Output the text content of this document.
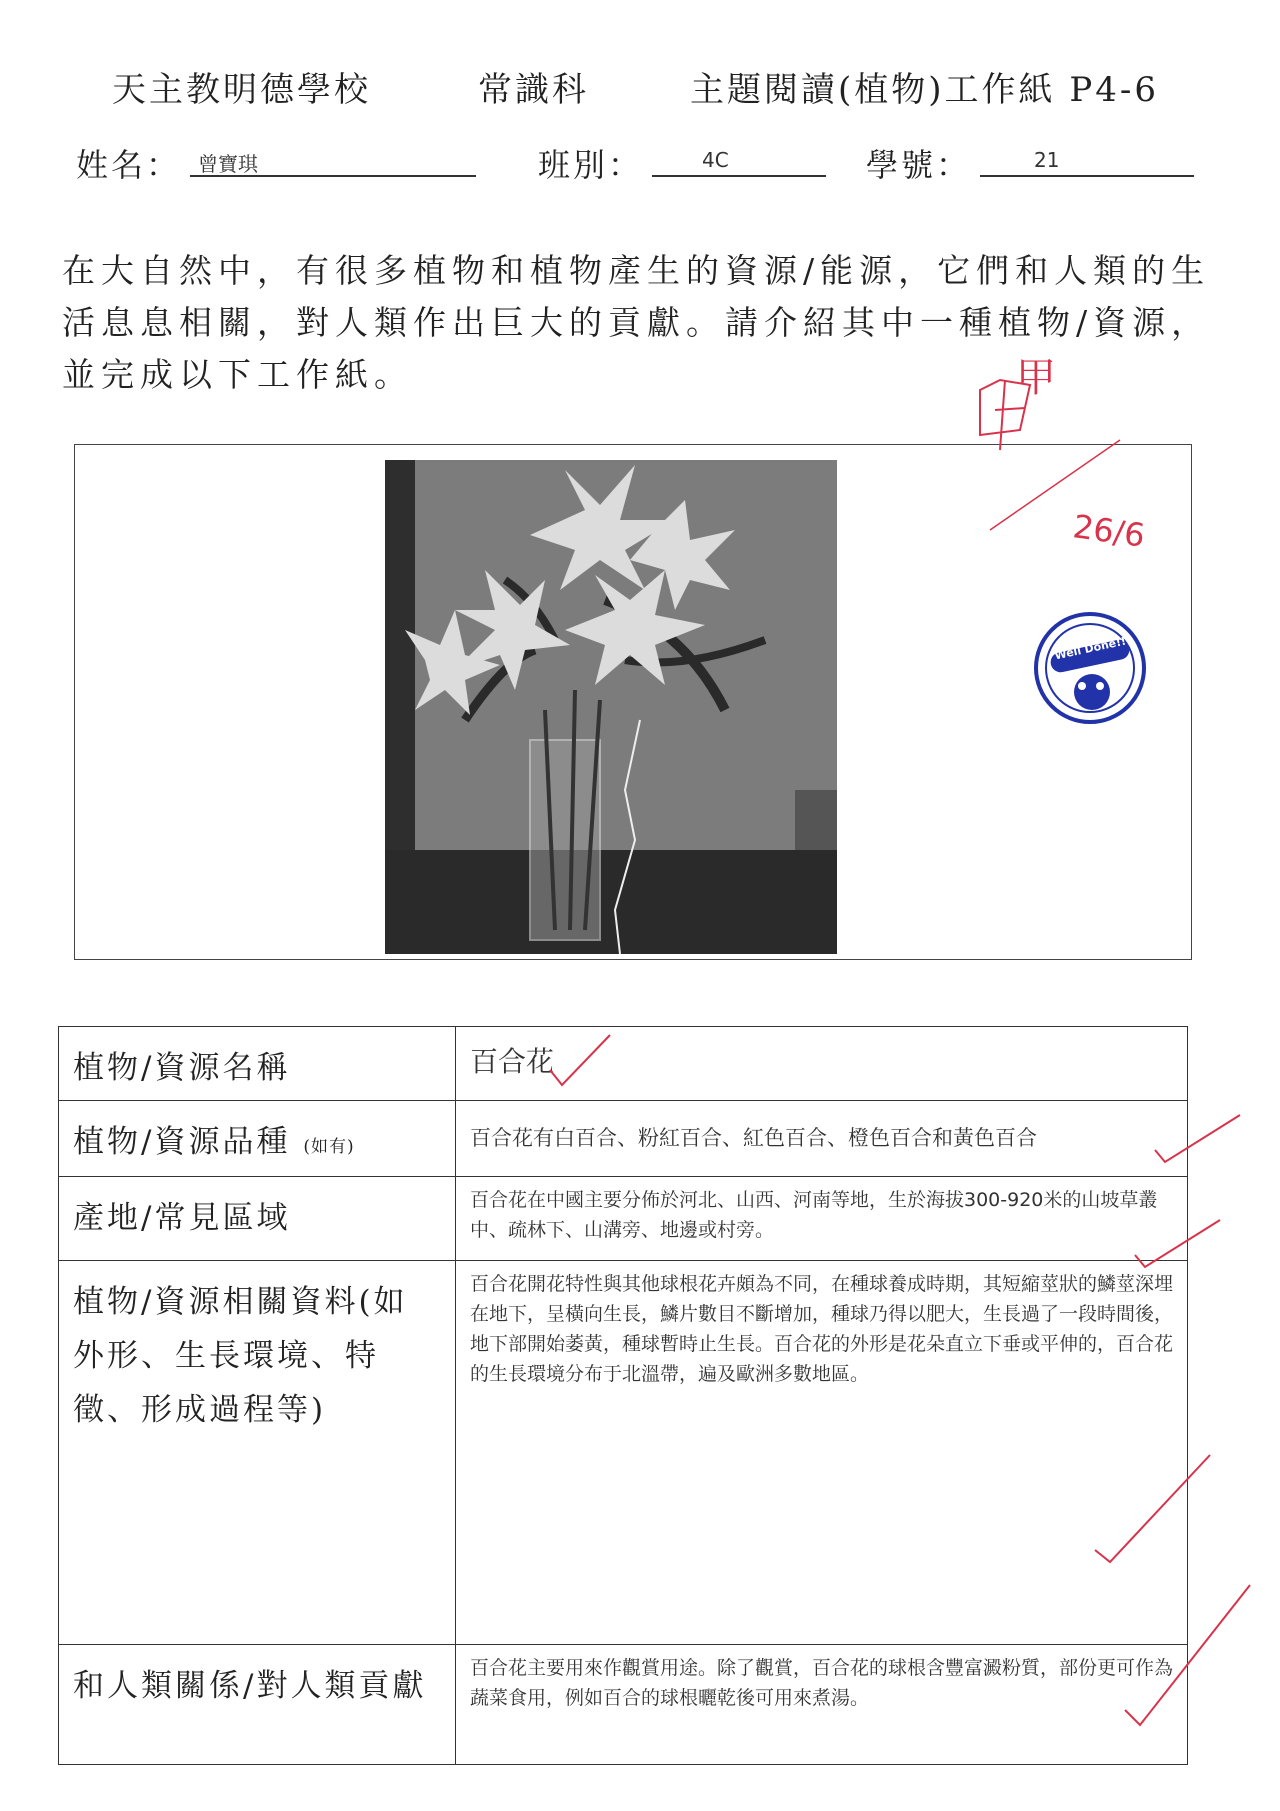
天主教明德學校	常識科	主題閱讀(植物)工作紙 P4-6
姓名： 曾寶琪	班別：	4C	學號：	21
在大自然中，有很多植物和植物產生的資源/能源，它們和人類的生活息息相關，對人類作出巨大的貢獻。請介紹其中一種植物/資源，並完成以下工作紙。
26/6
甲
Well Done!!
植物/資源名稱	百合花
植物/資源品種 (如有)	百合花有白百合、粉紅百合、紅色百合、橙色百合和黃色百合
產地/常見區域	百合花在中國主要分佈於河北、山西、河南等地，生於海拔300-920米的山坡草叢中、疏林下、山溝旁、地邊或村旁。
植物/資源相關資料(如外形、生長環境、特徵、形成過程等)	百合花開花特性與其他球根花卉頗為不同，在種球養成時期，其短縮莖狀的鱗莖深埋在地下，呈橫向生長，鱗片數目不斷增加，種球乃得以肥大，生長過了一段時間後，地下部開始萎黃，種球暫時止生長。百合花的外形是花朵直立下垂或平伸的，百合花的生長環境分布于北溫帶，遍及歐洲多數地區。
和人類關係/對人類貢獻	百合花主要用來作觀賞用途。除了觀賞，百合花的球根含豐富澱粉質，部份更可作為蔬菜食用，例如百合的球根曬乾後可用來煮湯。
